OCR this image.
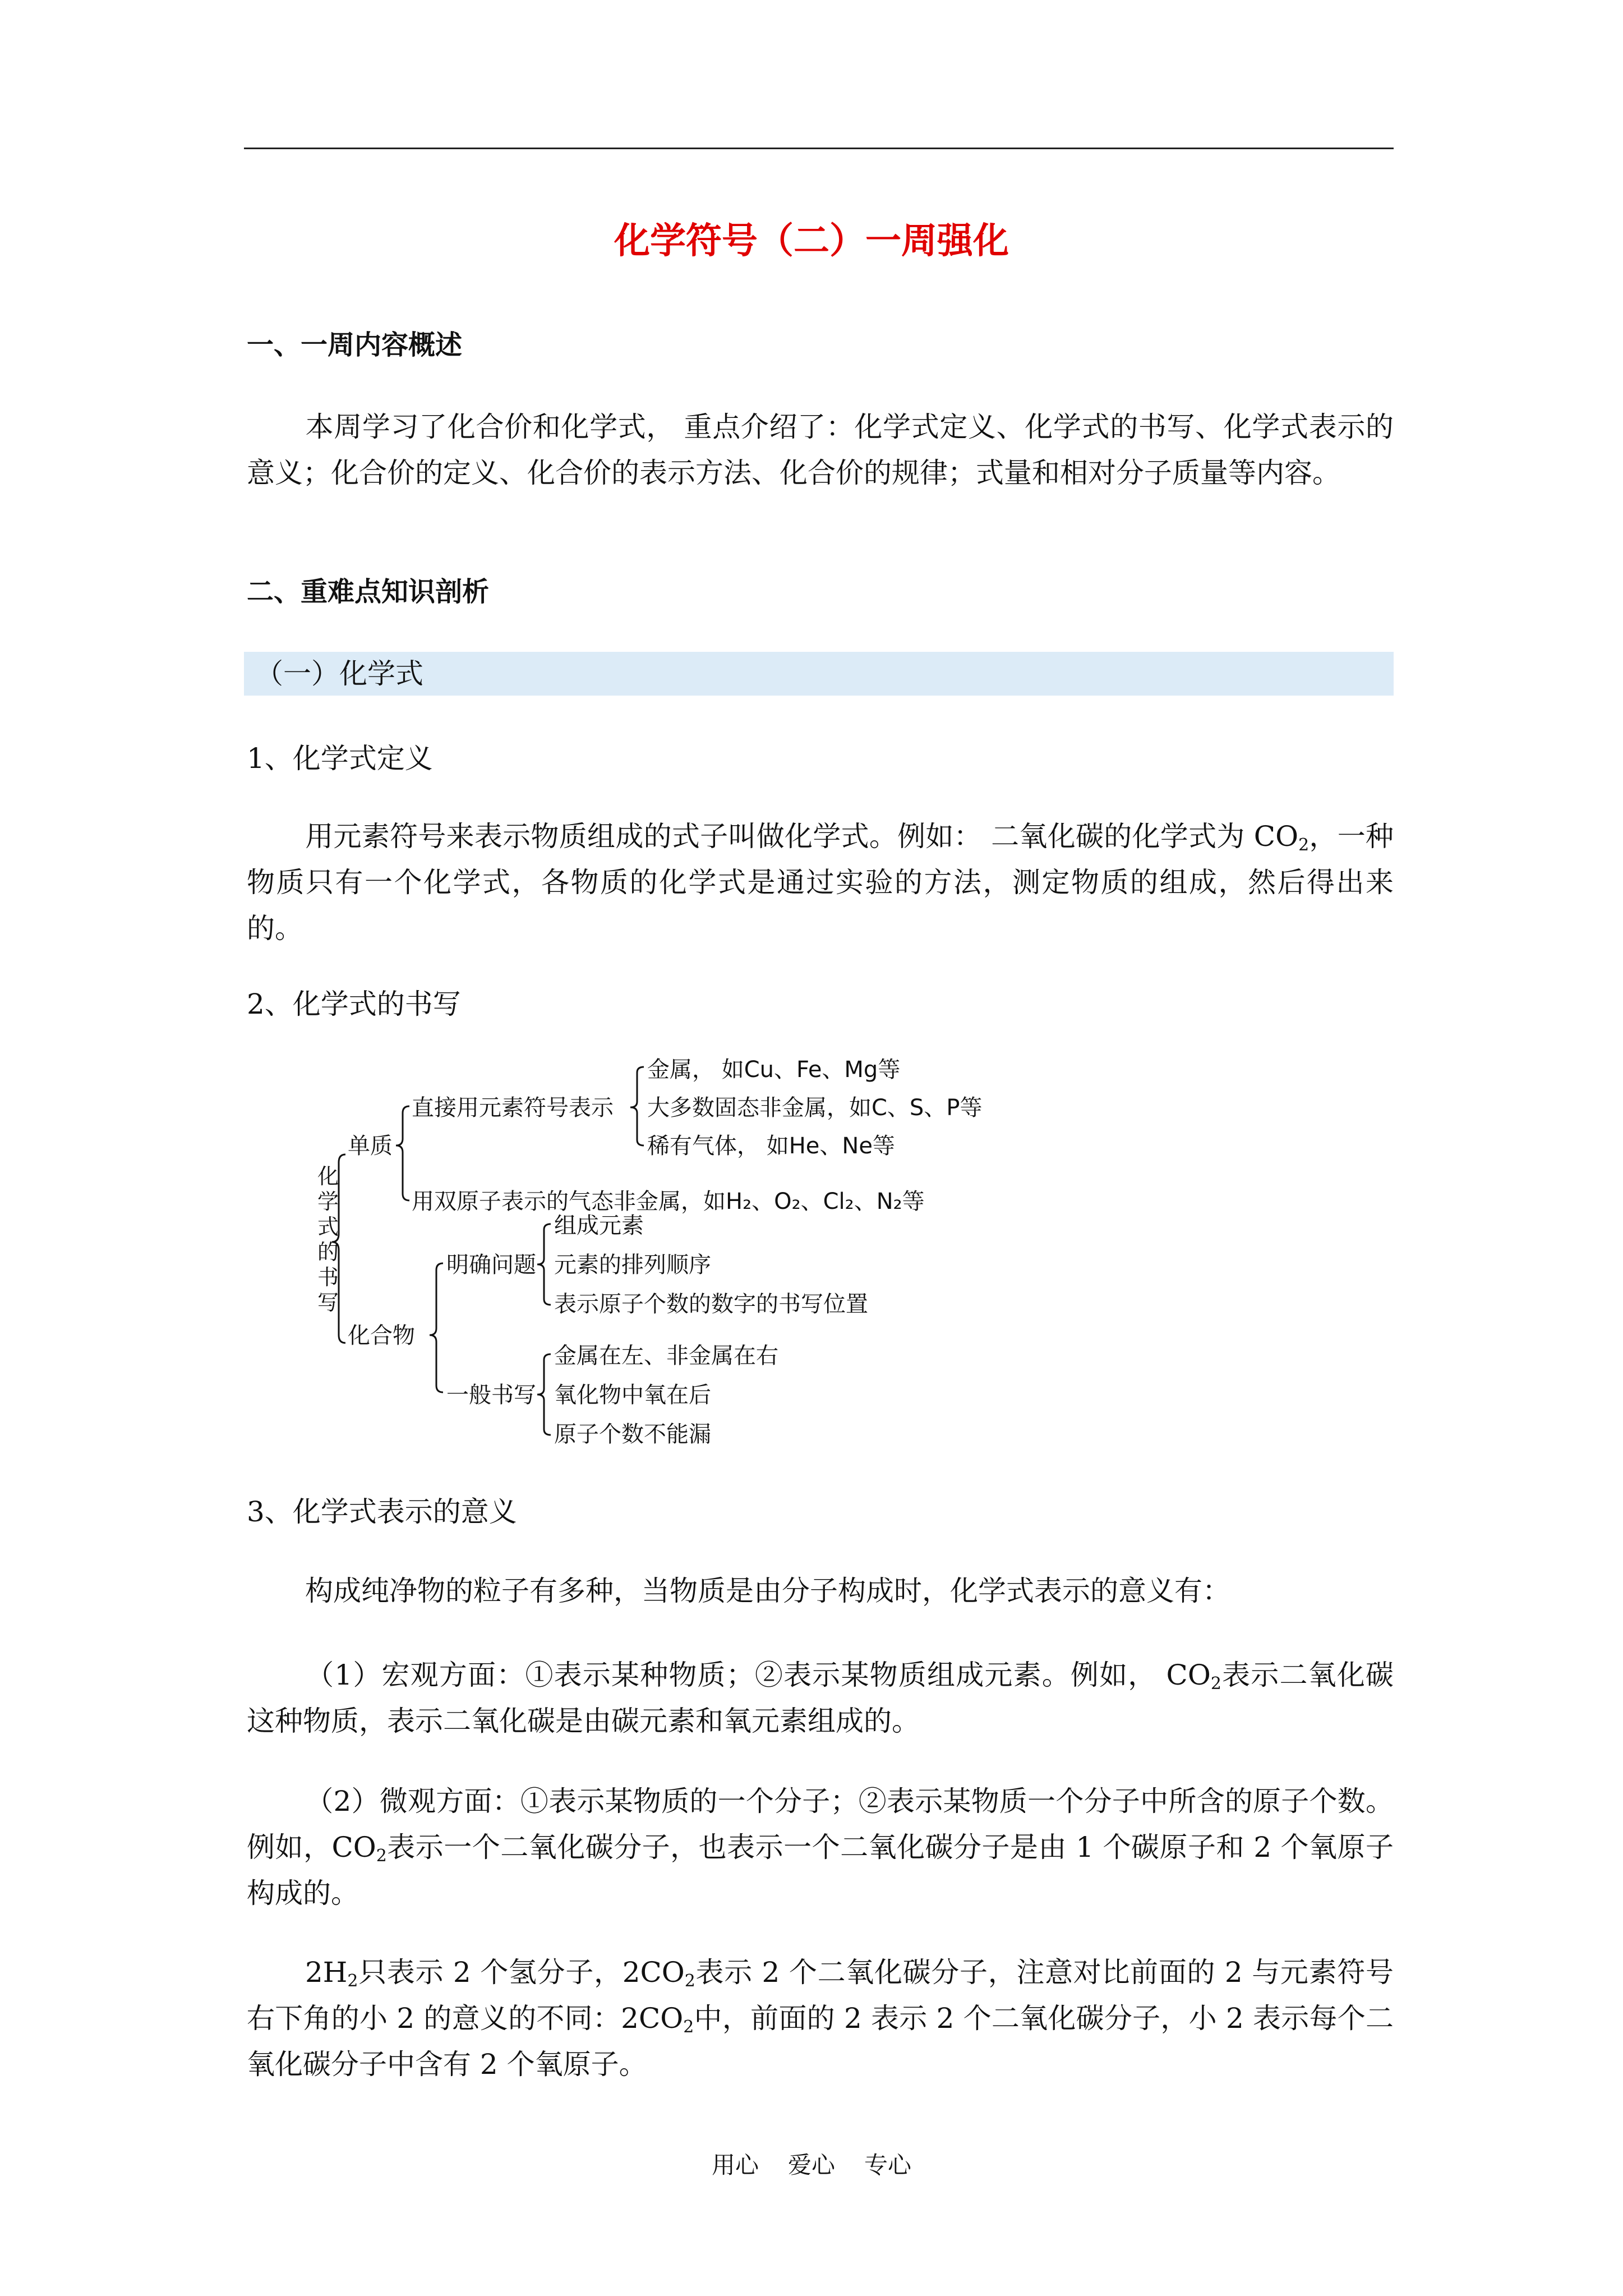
化学符号（二）一周强化
一、一周内容概述
本周学习了化合价和化学式， 重点介绍了：化学式定义、化学式的书写、化学式表示的意义；化合价的定义、化合价的表示方法、化合价的规律；式量和相对分子质量等内容。
二、重难点知识剖析
（一）化学式
1、化学式定义
用元素符号来表示物质组成的式子叫做化学式。例如： 二氧化碳的化学式为 $CO_2$，一种物质只有一个化学式，各物质的化学式是通过实验的方法，测定物质的组成，然后得出来的。
2、化学式的书写
化
学
式
的
书
写
单质
直接用元素符号表示
金属， 如Cu、Fe、Mg等
大多数固态非金属，如C、S、P等
稀有气体， 如He、Ne等
用双原子表示的气态非金属，如H₂、O₂、Cl₂、N₂等
化合物
明确问题
组成元素
元素的排列顺序
表示原子个数的数字的书写位置
一般书写
金属在左、非金属在右
氧化物中氧在后
原子个数不能漏
3、化学式表示的意义
构成纯净物的粒子有多种，当物质是由分子构成时，化学式表示的意义有：
（1）宏观方面：①表示某种物质；②表示某物质组成元素。例如， $CO_2$表示二氧化碳这种物质，表示二氧化碳是由碳元素和氧元素组成的。
（2）微观方面：①表示某物质的一个分子；②表示某物质一个分子中所含的原子个数。例如，$CO_2$表示一个二氧化碳分子，也表示一个二氧化碳分子是由 1 个碳原子和 2 个氧原子构成的。
$2H_2$只表示 2 个氢分子，$2CO_2$表示 2 个二氧化碳分子，注意对比前面的 2 与元素符号右下角的小 2 的意义的不同：$2CO_2$中，前面的 2 表示 2 个二氧化碳分子，小 2 表示每个二氧化碳分子中含有 2 个氧原子。
用心 爱心 专心
